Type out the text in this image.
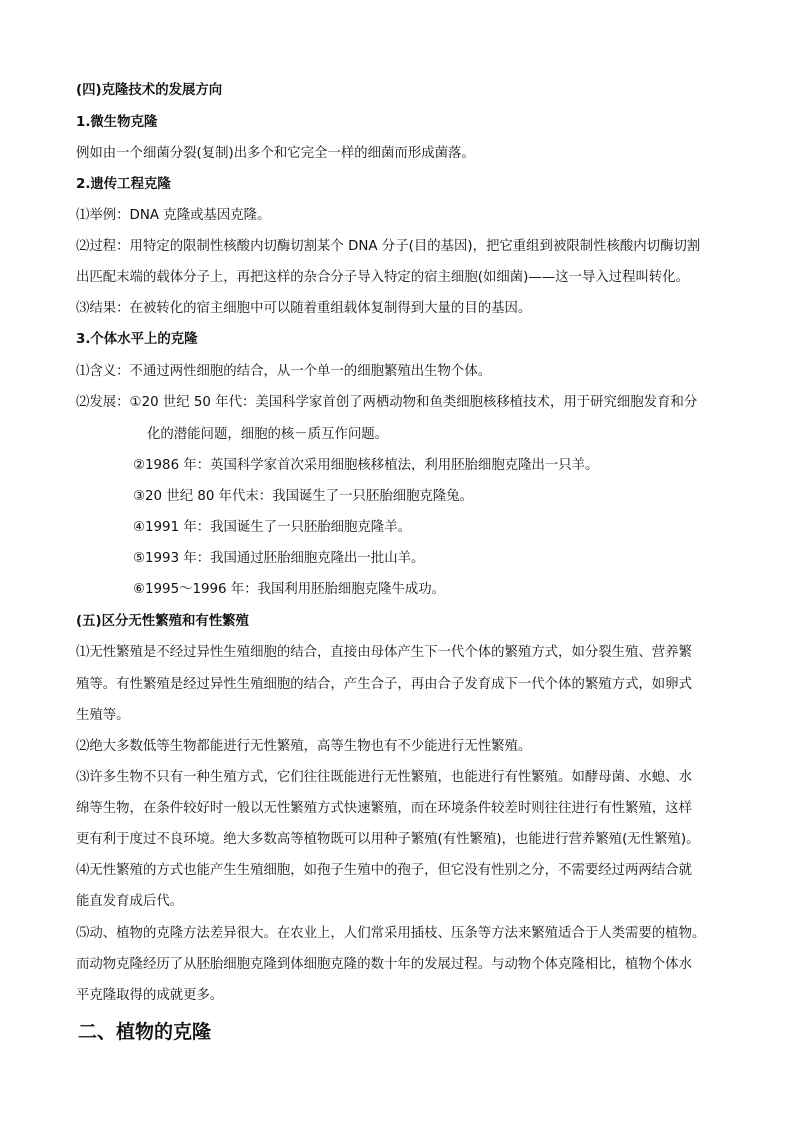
(四)克隆技术的发展方向
1.微生物克隆
例如由一个细菌分裂(复制)出多个和它完全一样的细菌而形成菌落。
2.遗传工程克隆
⑴举例：DNA 克隆或基因克隆。
⑵过程：用特定的限制性核酸内切酶切割某个 DNA 分子(目的基因)，把它重组到被限制性核酸内切酶切割
出匹配末端的载体分子上，再把这样的杂合分子导入特定的宿主细胞(如细菌)——这一导入过程叫转化。
⑶结果：在被转化的宿主细胞中可以随着重组载体复制得到大量的目的基因。
3.个体水平上的克隆
⑴含义：不通过两性细胞的结合，从一个单一的细胞繁殖出生物个体。
⑵发展：①20 世纪 50 年代：美国科学家首创了两栖动物和鱼类细胞核移植技术，用于研究细胞发育和分
化的潜能问题，细胞的核－质互作问题。
②1986 年：英国科学家首次采用细胞核移植法，利用胚胎细胞克隆出一只羊。
③20 世纪 80 年代末：我国诞生了一只胚胎细胞克隆兔。
④1991 年：我国诞生了一只胚胎细胞克隆羊。
⑤1993 年：我国通过胚胎细胞克隆出一批山羊。
⑥1995～1996 年：我国利用胚胎细胞克隆牛成功。
(五)区分无性繁殖和有性繁殖
⑴无性繁殖是不经过异性生殖细胞的结合，直接由母体产生下一代个体的繁殖方式，如分裂生殖、营养繁
殖等。有性繁殖是经过异性生殖细胞的结合，产生合子，再由合子发育成下一代个体的繁殖方式，如卵式
生殖等。
⑵绝大多数低等生物都能进行无性繁殖，高等生物也有不少能进行无性繁殖。
⑶许多生物不只有一种生殖方式，它们往往既能进行无性繁殖，也能进行有性繁殖。如酵母菌、水螅、水
绵等生物，在条件较好时一般以无性繁殖方式快速繁殖，而在环境条件较差时则往往进行有性繁殖，这样
更有利于度过不良环境。绝大多数高等植物既可以用种子繁殖(有性繁殖)，也能进行营养繁殖(无性繁殖)。
⑷无性繁殖的方式也能产生生殖细胞，如孢子生殖中的孢子，但它没有性别之分，不需要经过两两结合就
能直发育成后代。
⑸动、植物的克隆方法差异很大。在农业上，人们常采用插枝、压条等方法来繁殖适合于人类需要的植物。
而动物克隆经历了从胚胎细胞克隆到体细胞克隆的数十年的发展过程。与动物个体克隆相比，植物个体水
平克隆取得的成就更多。
二、植物的克隆
